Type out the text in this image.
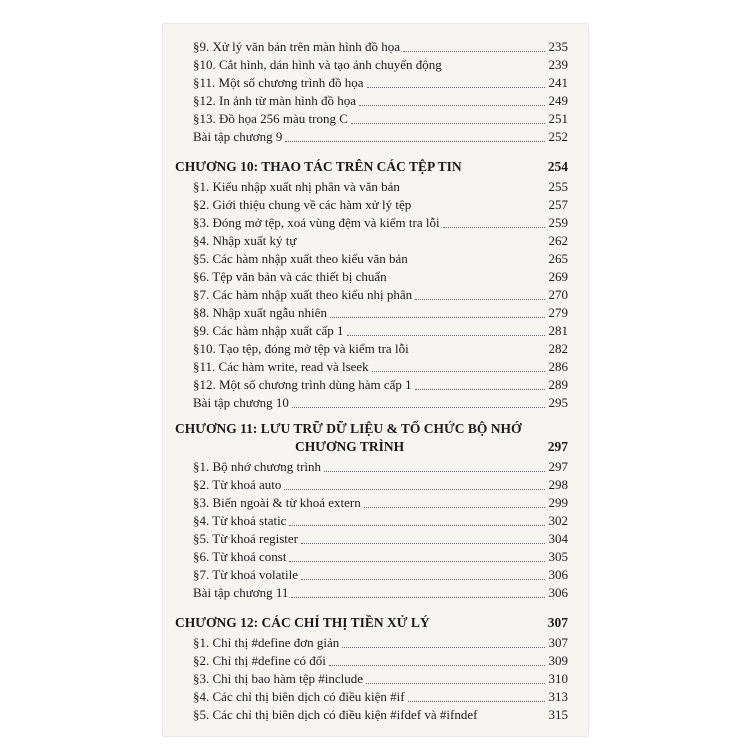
§9. Xử lý văn bản trên màn hình đồ họa	235
§10. Cắt hình, dán hình và tạo ảnh chuyển động	239
§11. Một số chương trình đồ họa	241
§12. In ảnh từ màn hình đồ họa	249
§13. Đồ họa 256 màu trong C	251
Bài tập chương 9	252
CHƯƠNG 10: THAO TÁC TRÊN CÁC TỆP TIN	254
§1. Kiểu nhập xuất nhị phân và văn bản	255
§2. Giới thiệu chung về các hàm xử lý tệp	257
§3. Đóng mở tệp, xoá vùng đệm và kiểm tra lỗi	259
§4. Nhập xuất ký tự	262
§5. Các hàm nhập xuất theo kiểu văn bản	265
§6. Tệp văn bản và các thiết bị chuẩn	269
§7. Các hàm nhập xuất theo kiểu nhị phân	270
§8. Nhập xuất ngẫu nhiên	279
§9. Các hàm nhập xuất cấp 1	281
§10. Tạo tệp, đóng mở tệp và kiểm tra lỗi	282
§11. Các hàm write, read và lseek	286
§12. Một số chương trình dùng hàm cấp 1	289
Bài tập chương 10	295
CHƯƠNG 11: LƯU TRỮ DỮ LIỆU & TỔ CHỨC BỘ NHỚ
CHƯƠNG TRÌNH	297
§1. Bộ nhớ chương trình	297
§2. Từ khoá auto	298
§3. Biến ngoài & từ khoá extern	299
§4. Từ khoá static	302
§5. Từ khoá register	304
§6. Từ khoá const	305
§7. Từ khoá volatile	306
Bài tập chương 11	306
CHƯƠNG 12: CÁC CHỈ THỊ TIỀN XỬ LÝ	307
§1. Chỉ thị #define đơn giản	307
§2. Chỉ thị #define có đối	309
§3. Chỉ thị bao hàm tệp #include	310
§4. Các chỉ thị biên dịch có điều kiện #if	313
§5. Các chỉ thị biên dịch có điều kiện #ifdef và #ifndef	315
